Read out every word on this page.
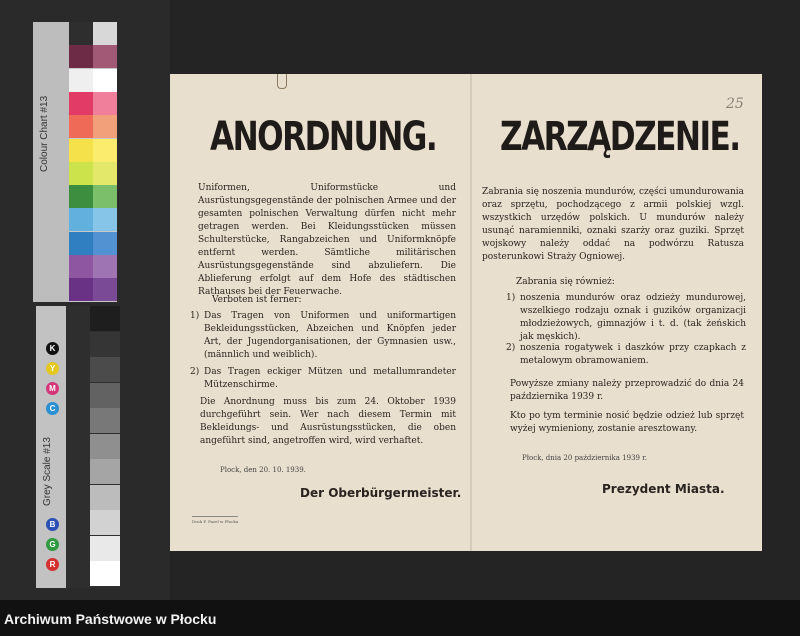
Colour Chart #13
Grey Scale #13
K
Y
M
C
B
G
R
25
ANORDNUNG.
Uniformen, Uniformstücke und Ausrüstungsgegenstände der polnischen Armee und der gesamten polnischen Verwaltung dürfen nicht mehr getragen werden. Bei Kleidungsstücken müssen Schulterstücke, Rangabzeichen und Uniformknöpfe entfernt werden. Sämtliche militärischen Ausrüstungsgegenstände sind abzuliefern. Die Ablieferung erfolgt auf dem Hofe des städtischen Rathauses bei der Feuerwache.
Verboten ist ferner:
1) Das Tragen von Uniformen und uniformartigen Bekleidungsstücken, Abzeichen und Knöpfen jeder Art, der Jugendorganisationen, der Gymnasien usw., (männlich und weiblich).
2) Das Tragen eckiger Mützen und metallumrandeter Mützenschirme.
Die Anordnung muss bis zum 24. Oktober 1939 durchgeführt sein. Wer nach diesem Termin mit Bekleidungs- und Ausrüstungsstücken, die oben angeführt sind, angetroffen wird, wird verhaftet.
Plock, den 20. 10. 1939.
Der Oberbürgermeister.
Druk F. Pazel w Płocku
ZARZĄDZENIE.
Zabrania się noszenia mundurów, części umundurowania oraz sprzętu, pochodzącego z armii polskiej wzgl. wszystkich urzędów polskich. U mundurów należy usunąć naramienniki, oznaki szarży oraz guziki. Sprzęt wojskowy należy oddać na podwórzu Ratusza posterunkowi Straży Ogniowej.
Zabrania się również:
1) noszenia mundurów oraz odzieży mundurowej, wszelkiego rodzaju oznak i guzików organizacji młodzieżowych, gimnazjów i t. d. (tak żeńskich jak męskich).
2) noszenia rogatywek i daszków przy czapkach z metalowym obramowaniem.
Powyższe zmiany należy przeprowadzić do dnia 24 października 1939 r.
Kto po tym terminie nosić będzie odzież lub sprzęt wyżej wymieniony, zostanie aresztowany.
Płock, dnia 20 października 1939 r.
Prezydent Miasta.
Archiwum Państwowe w Płocku
